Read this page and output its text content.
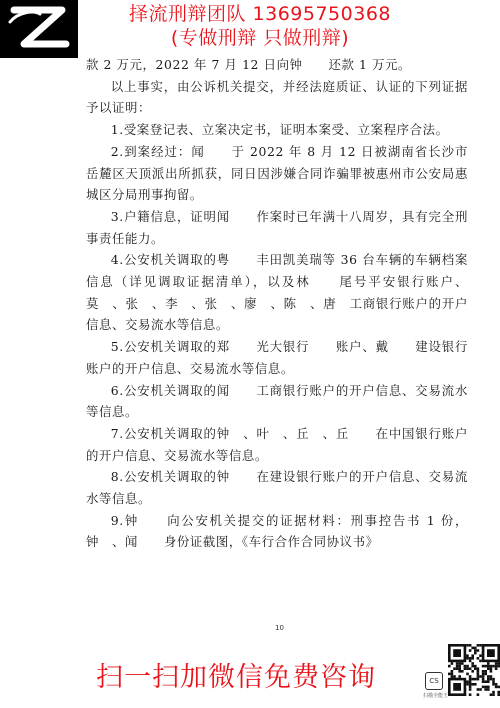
择流刑辩团队 13695750368
(专做刑辩 只做刑辩)

款 2 万元，2022 年 7 月 12 日向钟　　还款 1 万元。

以上事实，由公诉机关提交，并经法庭质证、认证的下列证据予以证明：

1.受案登记表、立案决定书，证明本案受、立案程序合法。

2.到案经过：闻　　于 2022 年 8 月 12 日被湖南省长沙市岳麓区天顶派出所抓获，同日因涉嫌合同诈骗罪被惠州市公安局惠城区分局刑事拘留。

3.户籍信息，证明闻　　作案时已年满十八周岁，具有完全刑事责任能力。

4.公安机关调取的粤　　丰田凯美瑞等 36 台车辆的车辆档案信息（详见调取证据清单），以及林　　尾号平安银行账户、莫　、张　、李　、张　、廖　、陈　、唐　工商银行账户的开户信息、交易流水等信息。

5.公安机关调取的郑　　光大银行　　账户、戴　　建设银行账户的开户信息、交易流水等信息。

6.公安机关调取的闻　　工商银行账户的开户信息、交易流水等信息。

7.公安机关调取的钟　、叶　、丘　、丘　　在中国银行账户的开户信息、交易流水等信息。

8.公安机关调取的钟　　在建设银行账户的开户信息、交易流水等信息。

9.钟　　向公安机关提交的证据材料：刑事控告书 1 份，钟　、闻　　身份证截图，《车行合作合同协议书》

10
扫一扫加微信免费咨询	CS
扫描全能王
